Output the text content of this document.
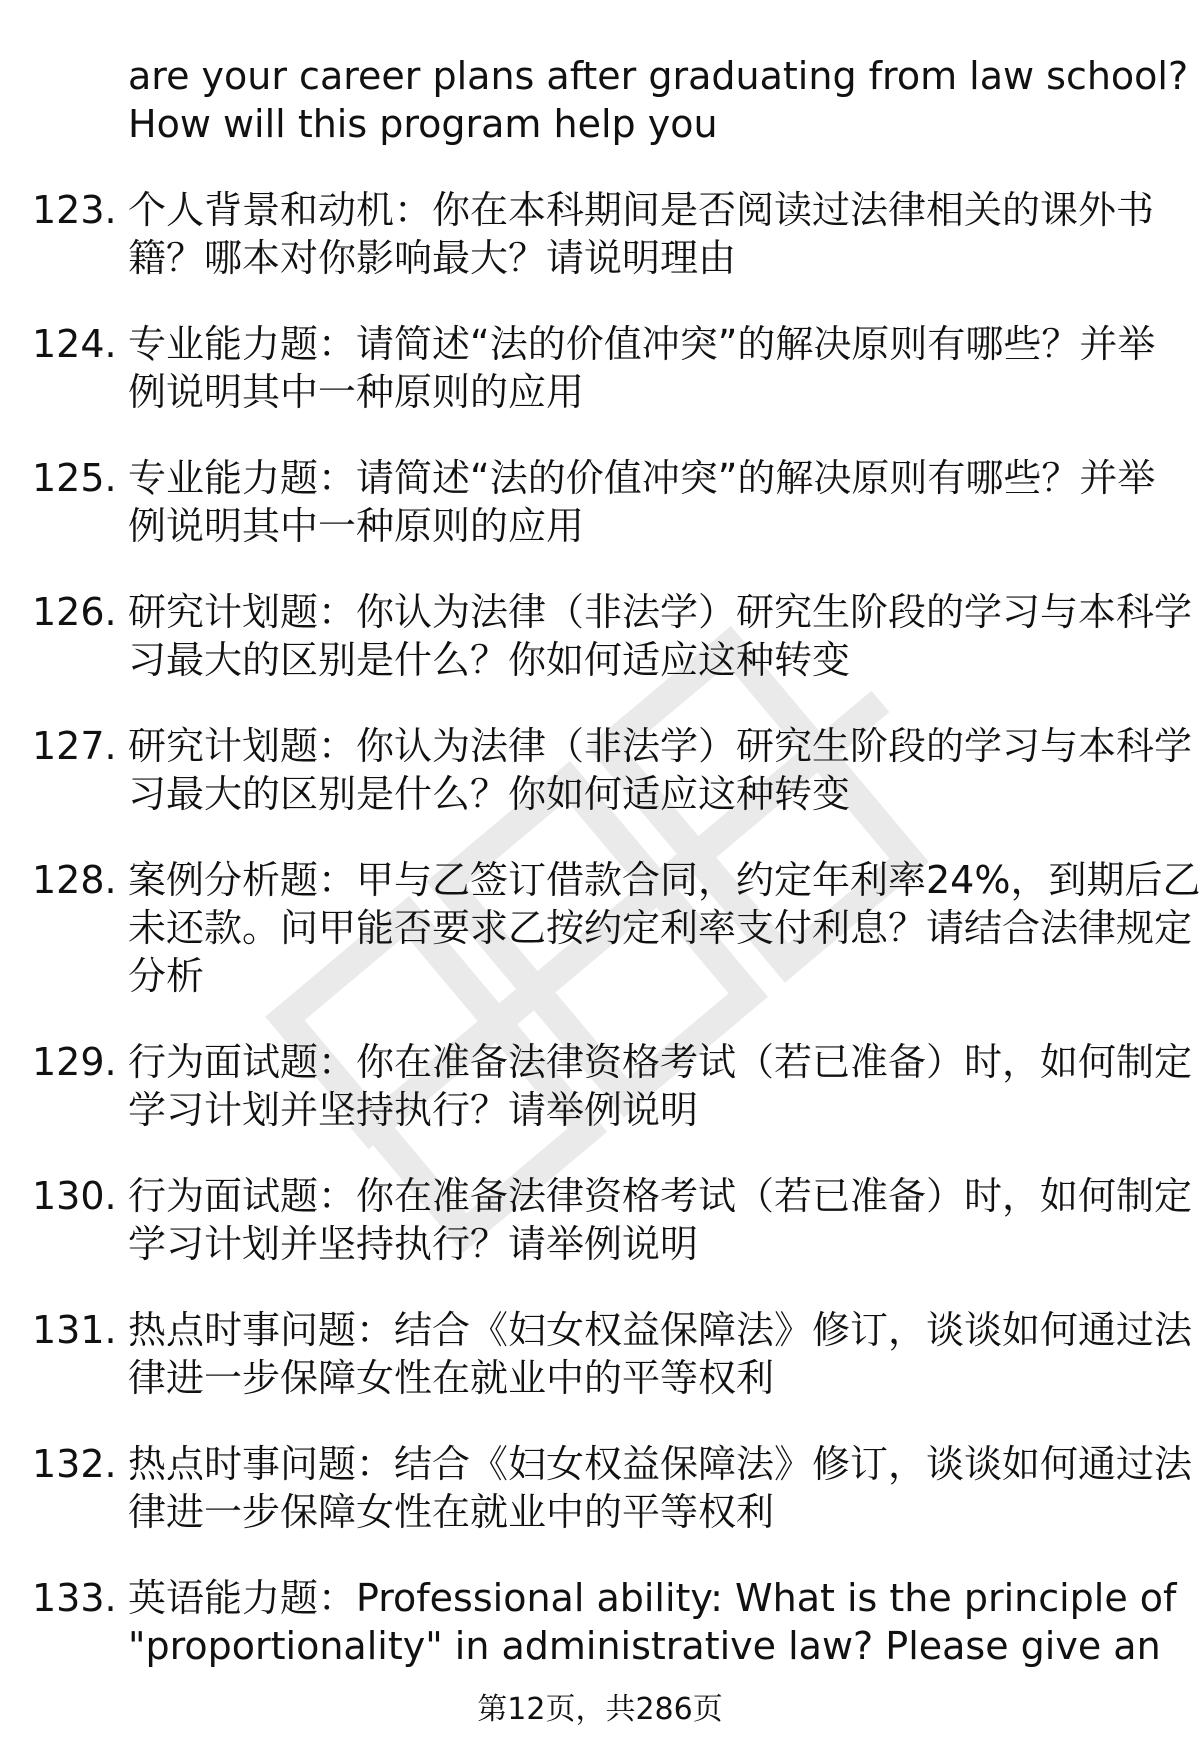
are your career plans after graduating from law school?
How will this program help you
123. 个人背景和动机：你在本科期间是否阅读过法律相关的课外书
籍？哪本对你影响最大？请说明理由
124. 专业能力题：请简述“法的价值冲突”的解决原则有哪些？并举
例说明其中一种原则的应用
125. 专业能力题：请简述“法的价值冲突”的解决原则有哪些？并举
例说明其中一种原则的应用
126. 研究计划题：你认为法律（非法学）研究生阶段的学习与本科学
习最大的区别是什么？你如何适应这种转变
127. 研究计划题：你认为法律（非法学）研究生阶段的学习与本科学
习最大的区别是什么？你如何适应这种转变
128. 案例分析题：甲与乙签订借款合同，约定年利率24%，到期后乙
未还款。问甲能否要求乙按约定利率支付利息？请结合法律规定
分析
129. 行为面试题：你在准备法律资格考试（若已准备）时，如何制定
学习计划并坚持执行？请举例说明
130. 行为面试题：你在准备法律资格考试（若已准备）时，如何制定
学习计划并坚持执行？请举例说明
131. 热点时事问题：结合《妇女权益保障法》修订，谈谈如何通过法
律进一步保障女性在就业中的平等权利
132. 热点时事问题：结合《妇女权益保障法》修订，谈谈如何通过法
律进一步保障女性在就业中的平等权利
133. 英语能力题：Professional ability: What is the principle of
"proportionality" in administrative law? Please give an
第12页，共286页
